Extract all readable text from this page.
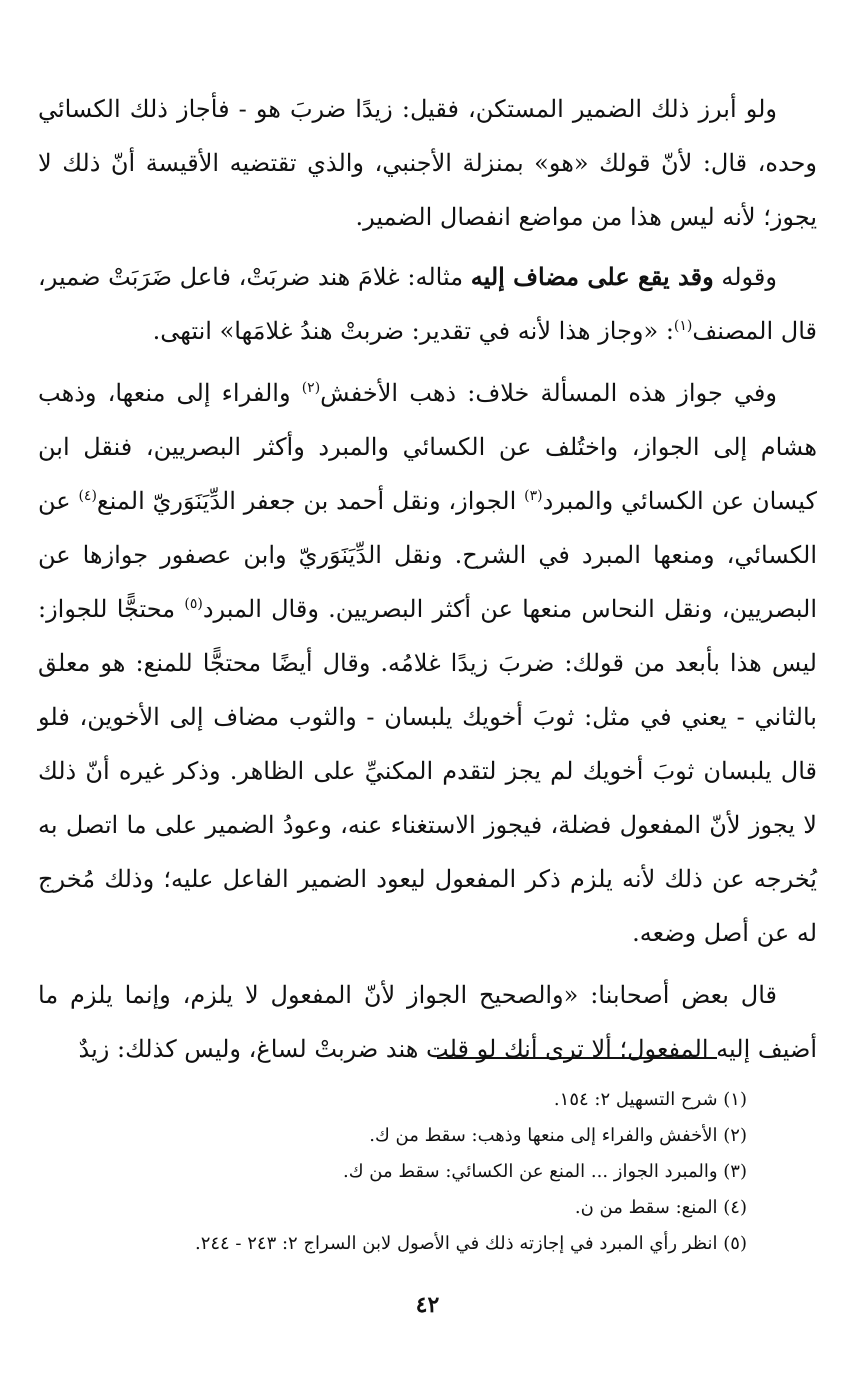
ولو أبرز ذلك الضمير المستكن، فقيل: زيدًا ضربَ هو - فأجاز ذلك الكسائي وحده، قال: لأنّ قولك «هو» بمنزلة الأجنبي، والذي تقتضيه الأقيسة أنّ ذلك لا يجوز؛ لأنه ليس هذا من مواضع انفصال الضمير.

وقوله وقد يقع على مضاف إليه مثاله: غلامَ هند ضربَتْ، فاعل ضَرَبَتْ ضمير، قال المصنف$^{(١)}$: «وجاز هذا لأنه في تقدير: ضربتْ هندُ غلامَها» انتهى.

وفي جواز هذه المسألة خلاف: ذهب الأخفش$^{(٢)}$ والفراء إلى منعها، وذهب هشام إلى الجواز، واختُلف عن الكسائي والمبرد وأكثر البصريين، فنقل ابن كيسان عن الكسائي والمبرد$^{(٣)}$ الجواز، ونقل أحمد بن جعفر الدِّيَنَوَريّ المنع$^{(٤)}$ عن الكسائي، ومنعها المبرد في الشرح. ونقل الدِّيَنَوَريّ وابن عصفور جوازها عن البصريين، ونقل النحاس منعها عن أكثر البصريين. وقال المبرد$^{(٥)}$ محتجًّا للجواز: ليس هذا بأبعد من قولك: ضربَ زيدًا غلامُه. وقال أيضًا محتجًّا للمنع: هو معلق بالثاني - يعني في مثل: ثوبَ أخويك يلبسان - والثوب مضاف إلى الأخوين، فلو قال يلبسان ثوبَ أخويك لم يجز لتقدم المكنيِّ على الظاهر. وذكر غيره أنّ ذلك لا يجوز لأنّ المفعول فضلة، فيجوز الاستغناء عنه، وعودُ الضمير على ما اتصل به يُخرجه عن ذلك لأنه يلزم ذكر المفعول ليعود الضمير الفاعل عليه؛ وذلك مُخرج له عن أصل وضعه.

قال بعض أصحابنا: «والصحيح الجواز لأنّ المفعول لا يلزم، وإنما يلزم ما أضيف إليه المفعول؛ ألا ترى أنك لو قلت هند ضربتْ لساغ، وليس كذلك: زيدٌ

(١) شرح التسهيل ٢: ١٥٤.

(٢) الأخفش والفراء إلى منعها وذهب: سقط من ك.

(٣) والمبرد الجواز ... المنع عن الكسائي: سقط من ك.

(٤) المنع: سقط من ن.

(٥) انظر رأي المبرد في إجازته ذلك في الأصول لابن السراج ٢: ٢٤٣ - ٢٤٤.

٤٢
